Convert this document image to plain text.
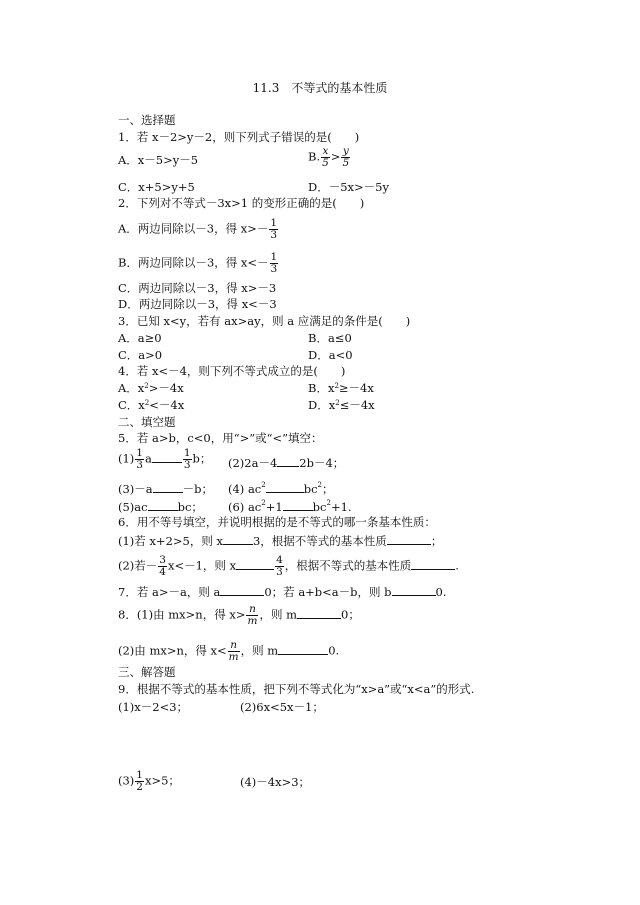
11.3　不等式的基本性质
一、选择题
1．若 x－2>y－2，则下列式子错误的是(　　)
A．x－5>y－5	B. $\frac{x}{5} > \frac{y}{5}$
C．x+5>y+5	D．－5x>－5y
2．下列对不等式－3x>1 的变形正确的是(　　)
A．两边同除以－3，得 $x>- \frac{1}{3}$
B．两边同除以－3，得 $x<- \frac{1}{3}$
C．两边同除以－3，得 x>－3
D．两边同除以－3，得 x<－3
3．已知 x<y，若有 ax>ay，则 a 应满足的条件是(　　)
A．a≥0	B．a≤0
C．a>0	D．a<0
4．若 x<－4，则下列不等式成立的是(　　)
A．$x^2>-4x$	B．$x^2\ge-4x$
C．$x^2<-4x$	D．$x^2\le-4x$
二、填空题
5．若 a>b，c<0，用“>”或“<”填空：
$(1) \frac{1}{3}$ a	$\frac{1}{3}$ b； (2)2a－4 2b－4；
(3)－a	－b； (4) $ac^2$	$bc^2$；
(5)ac	bc； (6) $ac^2+1$	$bc^2+1$.
6．用不等号填空，并说明根据的是不等式的哪一条基本性质：
(1)若 x+2>5，则 x	3，根据不等式的基本性质	；
(2)若－ $\frac{3}{4} x<-1$，则 x	$\frac{4}{3}$ ，根据不等式的基本性质	.
7．若 a>－a，则 a	0；若 a+b<a－b，则 b	0.
8．(1)由 mx>n，得 $x> \frac{n}{m}$ ，则 m	0；
(2)由 mx>n，得 $x< \frac{n}{m}$ ，则 m	0.
三、解答题
9．根据不等式的基本性质，把下列不等式化为“x>a”或“x<a”的形式.
(1)x－2<3；	(2)6x<5x－1；
$(3) \frac{1}{2} x>5$；	(4)－4x>3；
